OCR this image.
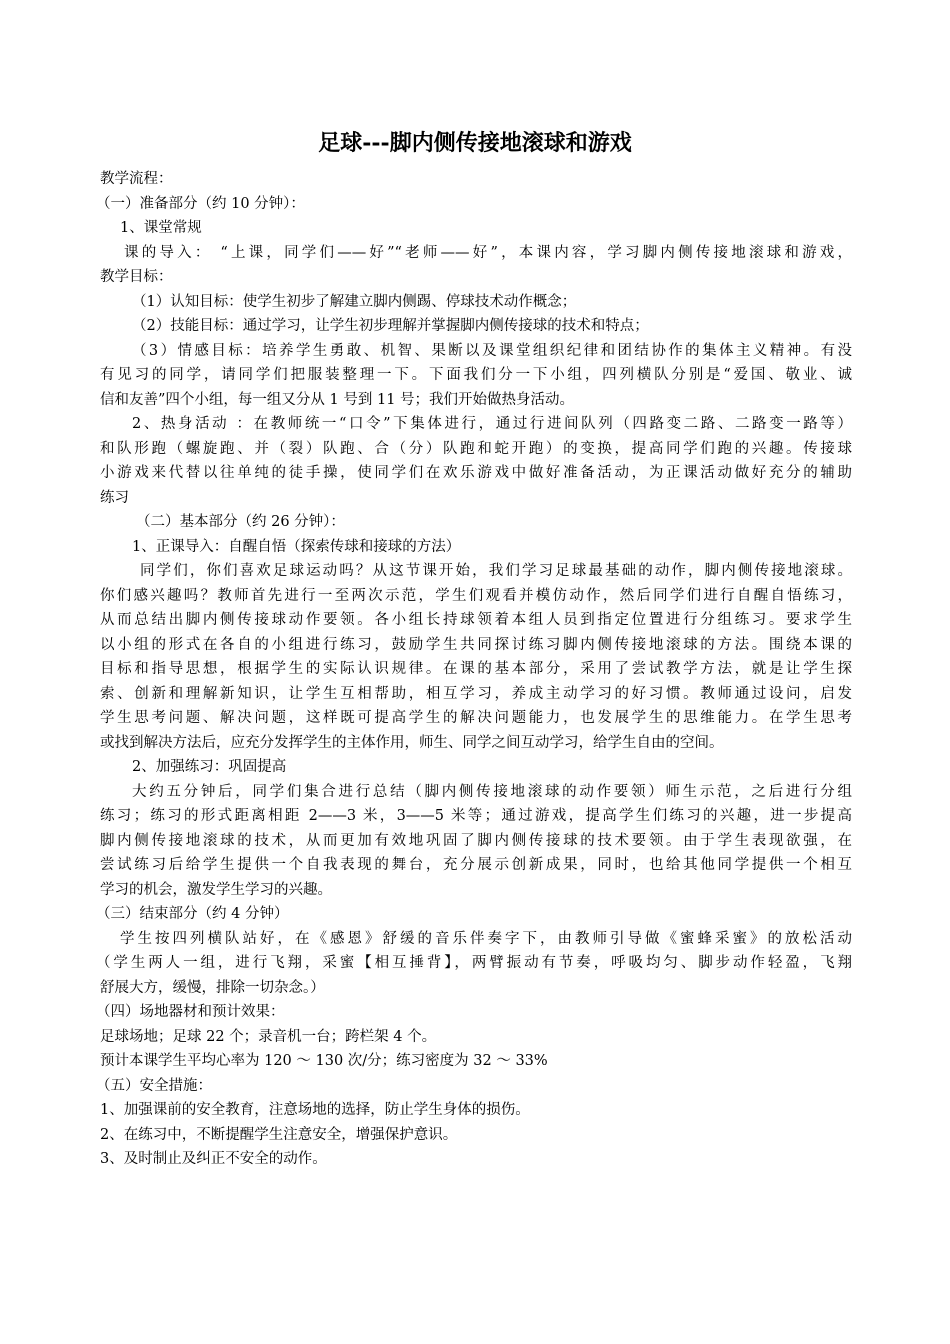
足球---脚内侧传接地滚球和游戏

教学流程：

（一）准备部分（约 10 分钟）：

1、课堂常规

课的导入： “上课，同学们——好”“老师——好”，本课内容，学习脚内侧传接地滚球和游戏，

教学目标：

（1）认知目标：使学生初步了解建立脚内侧踢、停球技术动作概念；

（2）技能目标：通过学习，让学生初步理解并掌握脚内侧传接球的技术和特点；

（3）情感目标：培养学生勇敢、机智、果断以及课堂组织纪律和团结协作的集体主义精神。有没

有见习的同学，请同学们把服装整理一下。下面我们分一下小组，四列横队分别是“爱国、敬业、诚

信和友善”四个小组，每一组又分从 1 号到 11 号；我们开始做热身活动。

2、热身活动 ：在教师统一“口令”下集体进行，通过行进间队列（四路变二路、二路变一路等）

和队形跑（螺旋跑、并（裂）队跑、合（分）队跑和蛇开跑）的变换，提高同学们跑的兴趣。传接球

小游戏来代替以往单纯的徒手操，使同学们在欢乐游戏中做好准备活动，为正课活动做好充分的辅助

练习

（二）基本部分（约 26 分钟）：

1、正课导入：自醒自悟（探索传球和接球的方法）

同学们，你们喜欢足球运动吗？从这节课开始，我们学习足球最基础的动作，脚内侧传接地滚球。

你们感兴趣吗？教师首先进行一至两次示范，学生们观看并模仿动作，然后同学们进行自醒自悟练习，

从而总结出脚内侧传接球动作要领。各小组长持球领着本组人员到指定位置进行分组练习。要求学生

以小组的形式在各自的小组进行练习，鼓励学生共同探讨练习脚内侧传接地滚球的方法。围绕本课的

目标和指导思想，根据学生的实际认识规律。在课的基本部分，采用了尝试教学方法，就是让学生探

索、创新和理解新知识，让学生互相帮助，相互学习，养成主动学习的好习惯。教师通过设问，启发

学生思考问题、解决问题，这样既可提高学生的解决问题能力，也发展学生的思维能力。在学生思考

或找到解决方法后，应充分发挥学生的主体作用，师生、同学之间互动学习，给学生自由的空间。

2、加强练习：巩固提高

大约五分钟后，同学们集合进行总结（脚内侧传接地滚球的动作要领）师生示范，之后进行分组

练习；练习的形式距离相距 2——3 米，3——5 米等；通过游戏，提高学生们练习的兴趣，进一步提高

脚内侧传接地滚球的技术，从而更加有效地巩固了脚内侧传接球的技术要领。由于学生表现欲强，在

尝试练习后给学生提供一个自我表现的舞台，充分展示创新成果，同时，也给其他同学提供一个相互

学习的机会，激发学生学习的兴趣。

（三）结束部分（约 4 分钟）

学生按四列横队站好，在《感恩》舒缓的音乐伴奏字下，由教师引导做《蜜蜂采蜜》的放松活动

（学生两人一组，进行飞翔，采蜜【相互捶背】，两臂振动有节奏，呼吸均匀、脚步动作轻盈，飞翔

舒展大方，缓慢，排除一切杂念。）

（四）场地器材和预计效果：

足球场地；足球 22 个；录音机一台；跨栏架 4 个。

预计本课学生平均心率为 120 ～ 130 次/分；练习密度为 32 ～ 33%

（五）安全措施：

1、加强课前的安全教育，注意场地的选择，防止学生身体的损伤。

2、在练习中，不断提醒学生注意安全，增强保护意识。

3、及时制止及纠正不安全的动作。
